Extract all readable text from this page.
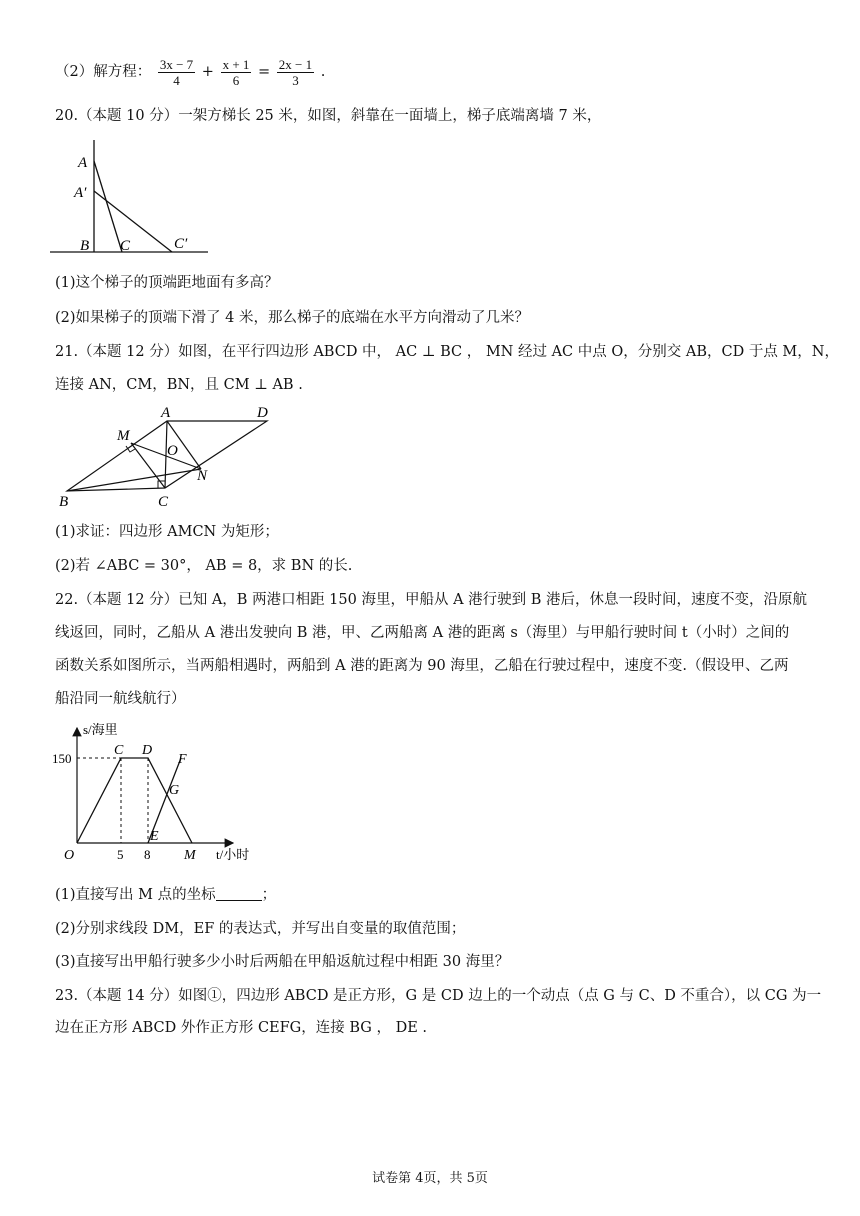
（2）解方程： $\frac{3x - 7}{4} + \frac{x + 1}{6} = \frac{2x - 1}{3}$ .
20.（本题 10 分）一架方梯长 25 米，如图，斜靠在一面墙上，梯子底端离墙 7 米，
A
A′
B C	C′
(1)这个梯子的顶端距地面有多高？
(2)如果梯子的顶端下滑了 4 米，那么梯子的底端在水平方向滑动了几米？
21.（本题 12 分）如图，在平行四边形 ABCD 中， AC ⊥ BC ， MN 经过 AC 中点 O，分别交 AB，CD 于点 M，N，
连接 AN，CM，BN，且 CM ⊥ AB .
A	D
M
O
N
B	C
(1)求证：四边形 AMCN 为矩形；
(2)若 ∠ABC = 30°， AB = 8，求 BN 的长.
22.（本题 12 分）已知 A，B 两港口相距 150 海里，甲船从 A 港行驶到 B 港后，休息一段时间，速度不变，沿原航
线返回，同时，乙船从 A 港出发驶向 B 港，甲、乙两船离 A 港的距离 s（海里）与甲船行驶时间 t（小时）之间的
函数关系如图所示，当两船相遇时，两船到 A 港的距离为 90 海里，乙船在行驶过程中，速度不变.（假设甲、乙两
船沿同一航线航行）
s/海里
150
O	5 8 M t/小时
C D
F
G
E
(1)直接写出 M 点的坐标	；
(2)分别求线段 DM，EF 的表达式，并写出自变量的取值范围；
(3)直接写出甲船行驶多少小时后两船在甲船返航过程中相距 30 海里？
23.（本题 14 分）如图①，四边形 ABCD 是正方形，G 是 CD 边上的一个动点（点 G 与 C、D 不重合），以 CG 为一
边在正方形 ABCD 外作正方形 CEFG，连接 BG ， DE .
试卷第 4页，共 5页
